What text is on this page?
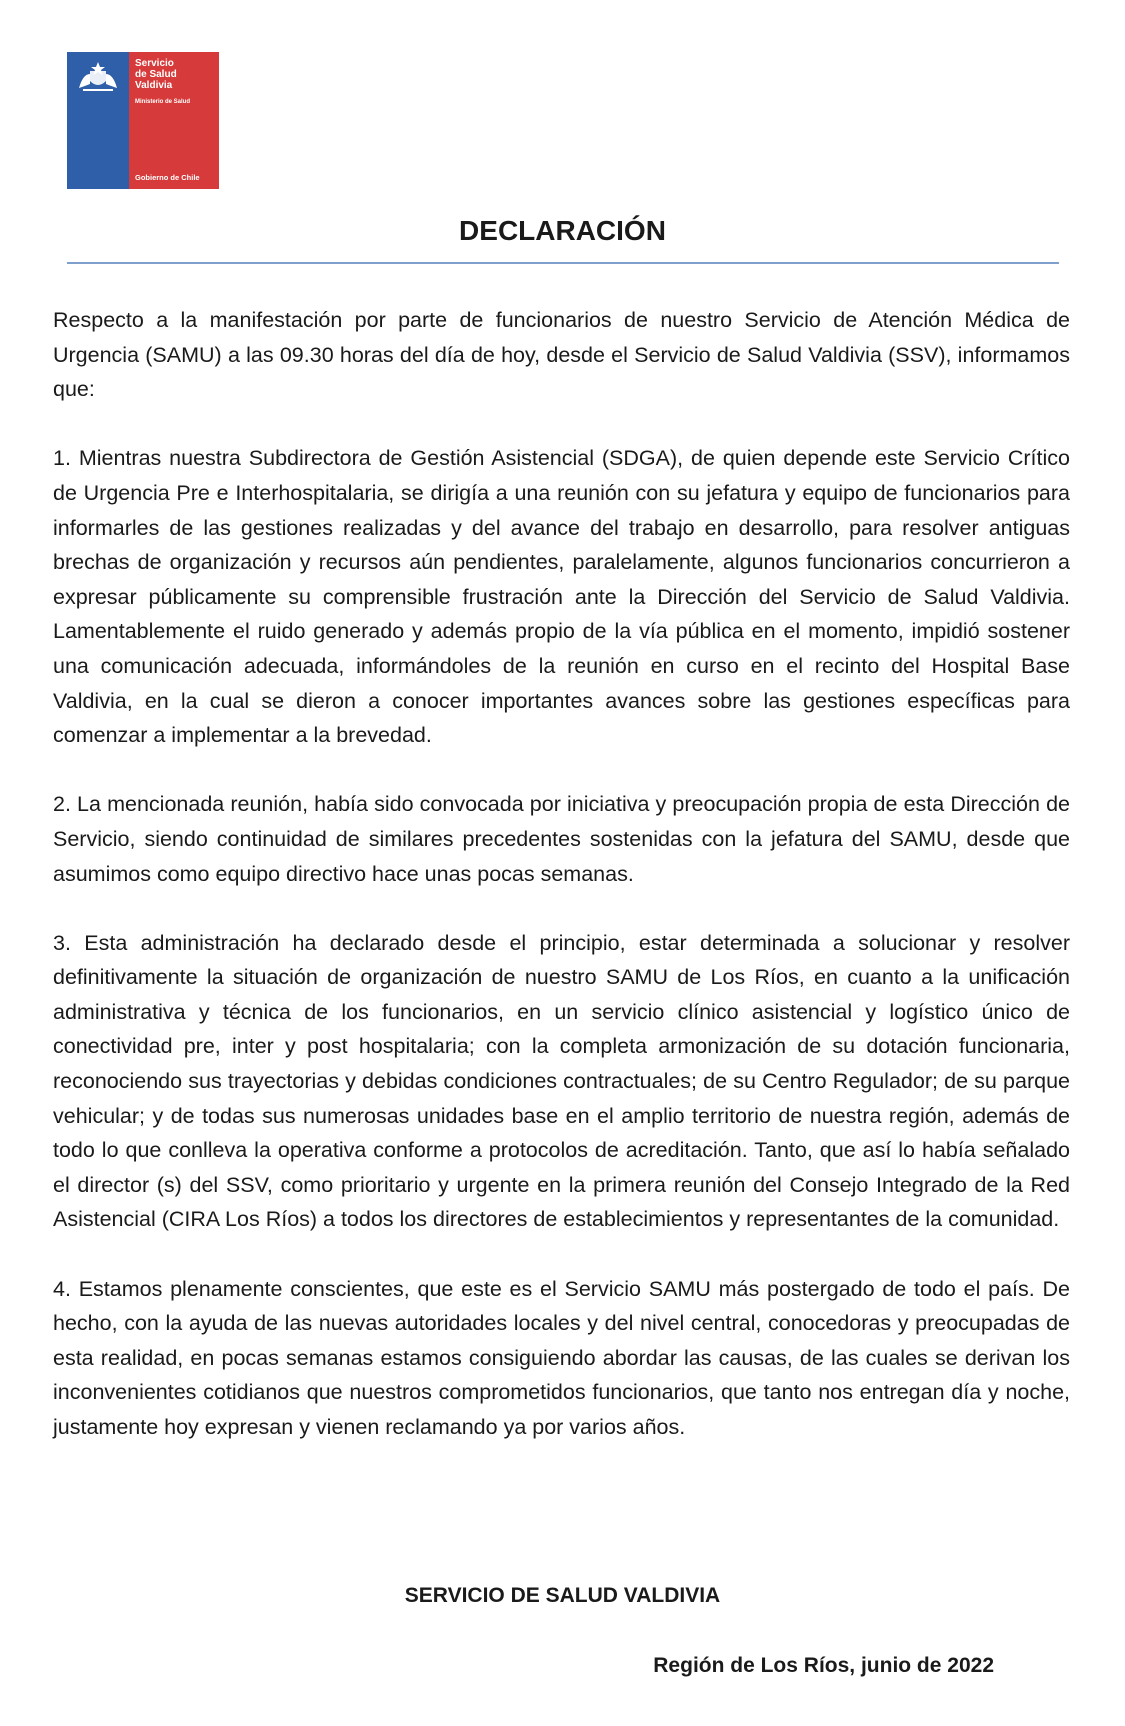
Servicio
de Salud
Valdivia
Ministerio de Salud
Gobierno de Chile
DECLARACIÓN

Respecto a la manifestación por parte de funcionarios de nuestro Servicio de Atención Médica de Urgencia (SAMU) a las 09.30 horas del día de hoy, desde el Servicio de Salud Valdivia (SSV), informamos que:

1. Mientras nuestra Subdirectora de Gestión Asistencial (SDGA), de quien depende este Servicio Crítico de Urgencia Pre e Interhospitalaria, se dirigía a una reunión con su jefatura y equipo de funcionarios para informarles de las gestiones realizadas y del avance del trabajo en desarrollo, para resolver antiguas brechas de organización y recursos aún pendientes, paralelamente, algunos funcionarios concurrieron a expresar públicamente su comprensible frustración ante la Dirección del Servicio de Salud Valdivia. Lamentablemente el ruido generado y además propio de la vía pública en el momento, impidió sostener una comunicación adecuada, informándoles de la reunión en curso en el recinto del Hospital Base Valdivia, en la cual se dieron a conocer importantes avances sobre las gestiones específicas para comenzar a implementar a la brevedad.

2. La mencionada reunión, había sido convocada por iniciativa y preocupación propia de esta Dirección de Servicio, siendo continuidad de similares precedentes sostenidas con la jefatura del SAMU, desde que asumimos como equipo directivo hace unas pocas semanas.

3. Esta administración ha declarado desde el principio, estar determinada a solucionar y resolver definitivamente la situación de organización de nuestro SAMU de Los Ríos, en cuanto a la unificación administrativa y técnica de los funcionarios, en un servicio clínico asistencial y logístico único de conectividad pre, inter y post hospitalaria; con la completa armonización de su dotación funcionaria, reconociendo sus trayectorias y debidas condiciones contractuales; de su Centro Regulador; de su parque vehicular; y de todas sus numerosas unidades base en el amplio territorio de nuestra región, además de todo lo que conlleva la operativa conforme a protocolos de acreditación. Tanto, que así lo había señalado el director (s) del SSV, como prioritario y urgente en la primera reunión del Consejo Integrado de la Red Asistencial (CIRA Los Ríos) a todos los directores de establecimientos y representantes de la comunidad.

4. Estamos plenamente conscientes, que este es el Servicio SAMU más postergado de todo el país. De hecho, con la ayuda de las nuevas autoridades locales y del nivel central, conocedoras y preocupadas de esta realidad, en pocas semanas estamos consiguiendo abordar las causas, de las cuales se derivan los inconvenientes cotidianos que nuestros comprometidos funcionarios, que tanto nos entregan día y noche, justamente hoy expresan y vienen reclamando ya por varios años.

SERVICIO DE SALUD VALDIVIA
Región de Los Ríos, junio de 2022
